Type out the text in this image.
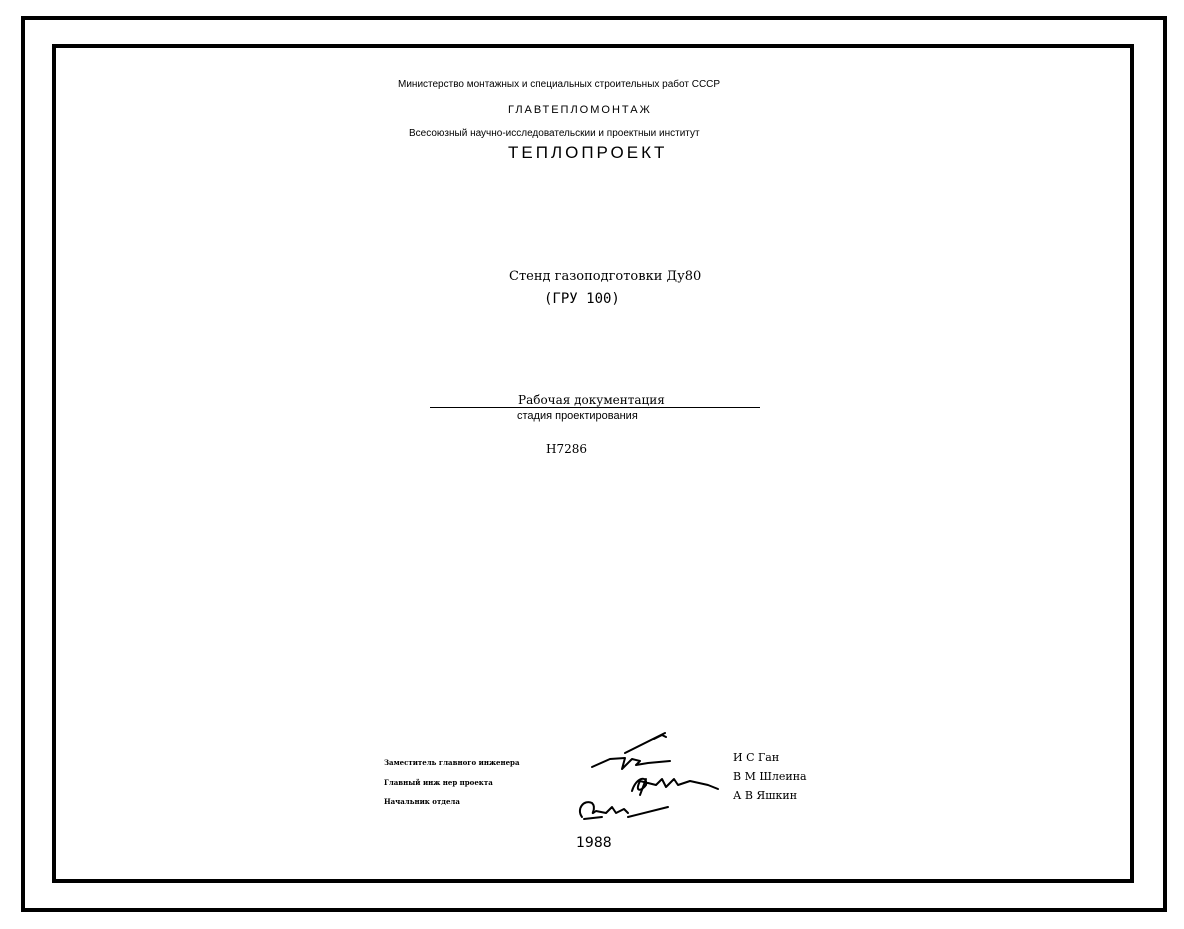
Министерство монтажных и специальных строительных работ СССР
ГЛАВТЕПЛОМОНТАЖ
Всесоюзный научно-исследовательскии и проектныи институт
ТЕПЛОПРОЕКТ
Стенд газоподготовки Ду80
(ГРУ 100)
Рабочая документация
стадия проектирования
Н7286
Заместитель главного инженера
Главный инж нер проекта
Начальник отдела
И С Ган
В М Шлеина
А В Яшкин
1988
